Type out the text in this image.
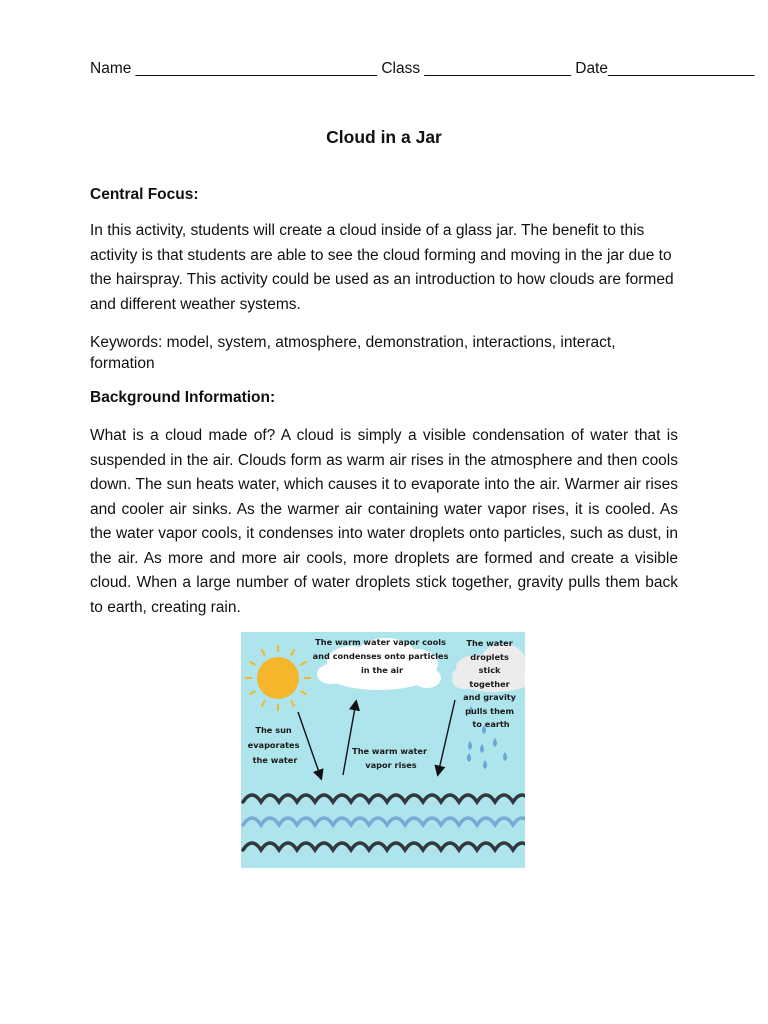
Name ____________________________ Class _________________ Date_________________
Cloud in a Jar
Central Focus:

In this activity, students will create a cloud inside of a glass jar. The benefit to this activity is that students are able to see the cloud forming and moving in the jar due to the hairspray. This activity could be used as an introduction to how clouds are formed and different weather systems.

Keywords: model, system, atmosphere, demonstration, interactions, interact, formation
Background Information:

What is a cloud made of? A cloud is simply a visible condensation of water that is suspended in the air. Clouds form as warm air rises in the atmosphere and then cools down. The sun heats water, which causes it to evaporate into the air. Warmer air rises and cooler air sinks. As the warmer air containing water vapor rises, it is cooled. As the water vapor cools, it condenses into water droplets onto particles, such as dust, in the air. As more and more air cools, more droplets are formed and create a visible cloud. When a large number of water droplets stick together, gravity pulls them back to earth, creating rain.

The warm water vapor cools and condenses onto particles in the air
The water droplets stick together and gravity pulls them to earth
The sun evaporates the water
The warm water vapor rises
